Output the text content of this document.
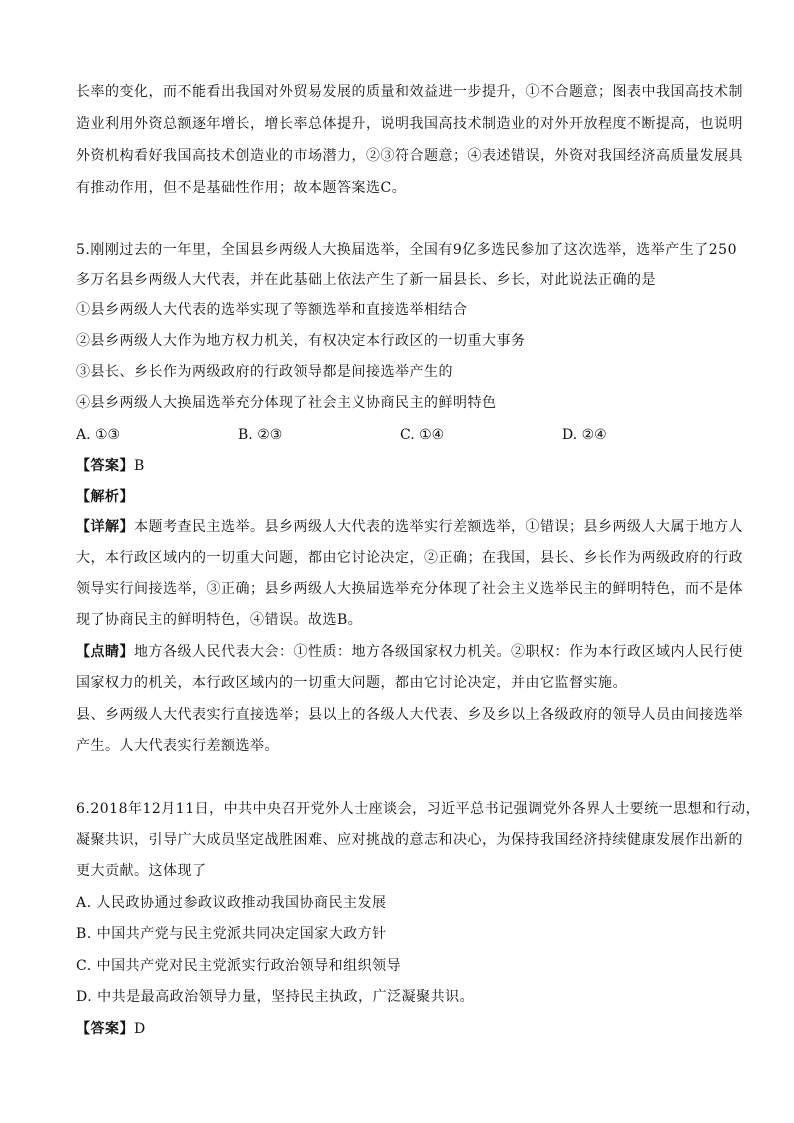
长率的变化，而不能看出我国对外贸易发展的质量和效益进一步提升，①不合题意；图表中我国高技术制
造业利用外资总额逐年增长，增长率总体提升，说明我国高技术制造业的对外开放程度不断提高，也说明
外资机构看好我国高技术创造业的市场潜力，②③符合题意；④表述错误，外资对我国经济高质量发展具
有推动作用，但不是基础性作用；故本题答案选C。
5.刚刚过去的一年里，全国县乡两级人大换届选举，全国有9亿多选民参加了这次选举，选举产生了250
多万名县乡两级人大代表，并在此基础上依法产生了新一届县长、乡长，对此说法正确的是
①县乡两级人大代表的选举实现了等额选举和直接选举相结合
②县乡两级人大作为地方权力机关，有权决定本行政区的一切重大事务
③县长、乡长作为两级政府的行政领导都是间接选举产生的
④县乡两级人大换届选举充分体现了社会主义协商民主的鲜明特色
A. ①③	B. ②③	C. ①④	D. ②④
【答案】B
【解析】
【详解】本题考查民主选举。县乡两级人大代表的选举实行差额选举，①错误；县乡两级人大属于地方人
大，本行政区域内的一切重大问题，都由它讨论决定，②正确；在我国，县长、乡长作为两级政府的行政
领导实行间接选举，③正确；县乡两级人大换届选举充分体现了社会主义选举民主的鲜明特色，而不是体
现了协商民主的鲜明特色，④错误。故选B。
【点睛】地方各级人民代表大会：①性质：地方各级国家权力机关。②职权：作为本行政区域内人民行使
国家权力的机关，本行政区域内的一切重大问题，都由它讨论决定，并由它监督实施。
县、乡两级人大代表实行直接选举；县以上的各级人大代表、乡及乡以上各级政府的领导人员由间接选举
产生。人大代表实行差额选举。
6.2018年12月11日，中共中央召开党外人士座谈会，习近平总书记强调党外各界人士要统一思想和行动，
凝聚共识，引导广大成员坚定战胜困难、应对挑战的意志和决心，为保持我国经济持续健康发展作出新的
更大贡献。这体现了
A. 人民政协通过参政议政推动我国协商民主发展
B. 中国共产党与民主党派共同决定国家大政方针
C. 中国共产党对民主党派实行政治领导和组织领导
D. 中共是最高政治领导力量，坚持民主执政，广泛凝聚共识。
【答案】D
